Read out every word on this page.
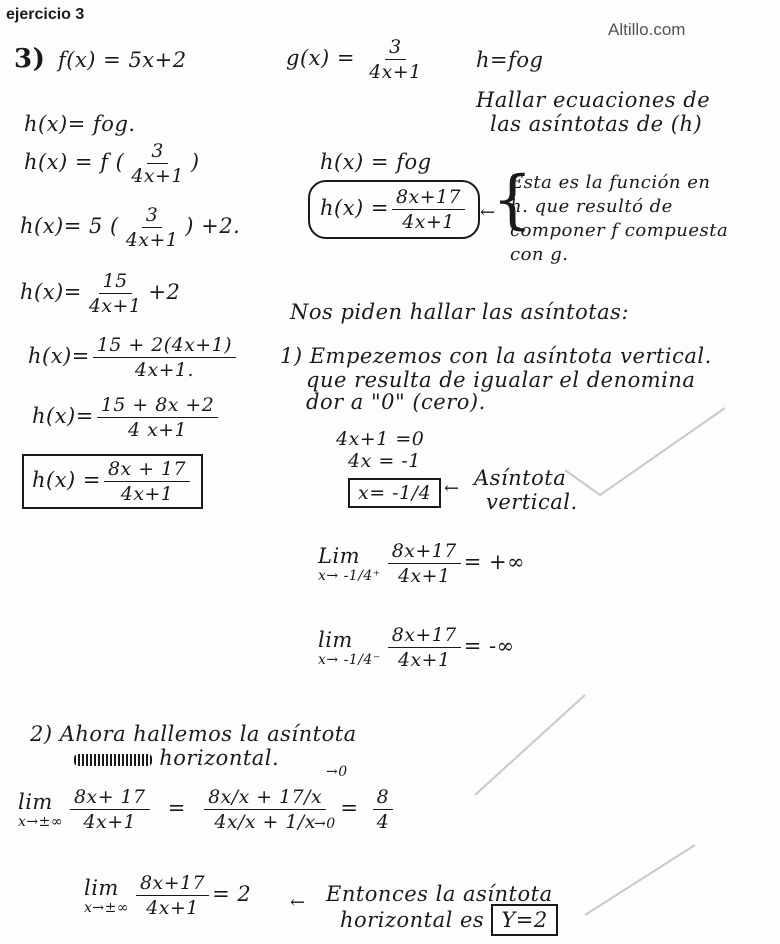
ejercicio 3
Altillo.com
3) f(x) = 5x+2	$g(x) = \frac{3}{4x+1} h=fog$
Hallar ecuaciones de
las asíntotas de (h)
h(x)= fog.
h(x) = f ( $\frac{3}{4x+1}$ )
h(x)= 5 ( $\frac{3}{4x+1}$ ) +2.
$h(x)= \frac{15}{4x+1} +2$
$h(x)= \frac{15 + 2(4x+1)}{4x+1.}$
$h(x)= \frac{15 + 8x +2}{4 x+1}$
$h(x) = \frac{8x + 17}{4x+1}$
h(x) = fog
$h(x) = \frac{8x+17}{4x+1}$ ←
{
Esta es la función en
h. que resultó de
componer f compuesta
con g.
Nos piden hallar las asíntotas:
1) Empezemos con la asíntota vertical.
que resulta de igualar el denomina
dor a "0" (cero).
4x+1 =0
4x = -1
x= -1/4 ← Asíntota
vertical.
Lim
$x\to -1/4^+ \frac{8x+17}{4x+1}$ = +∞
lim
$x\to -1/4^- \frac{8x+17}{4x+1}$ = -∞
2) Ahora hallemos la asíntota
horizontal.
lim
$x\to\pm\infty \frac{8x+ 17}{4x+1} = \frac{8x/x + 17/x}{4x/x + 1/x} = \frac{8}{4}$
→0
→0
lim
$x\to\pm\infty \frac{8x+17}{4x+1} = 2$ ← Entonces la asíntota
horizontal es Y=2
